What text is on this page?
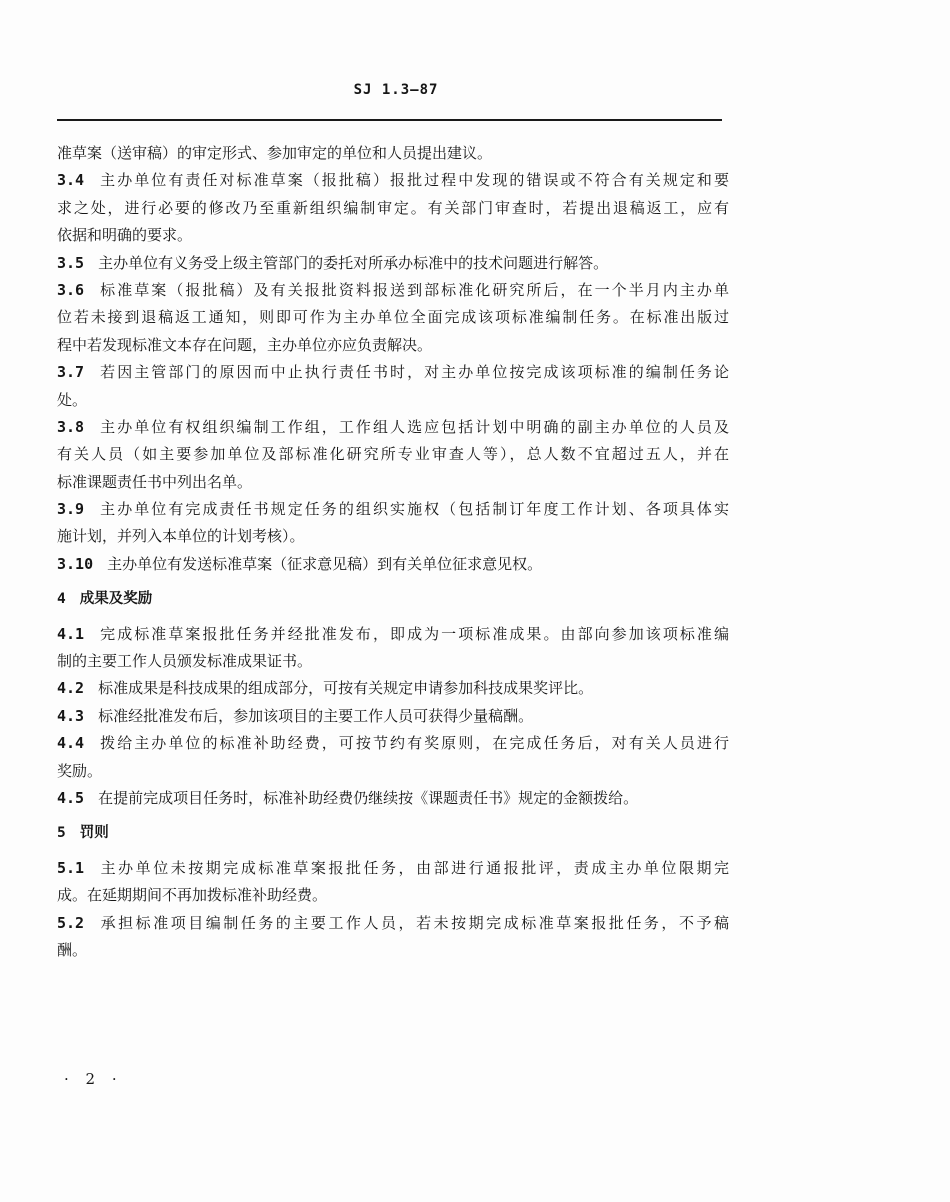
SJ 1.3—87
准草案（送审稿）的审定形式、参加审定的单位和人员提出建议。
3.4 主办单位有责任对标准草案（报批稿）报批过程中发现的错误或不符合有关规定和要
求之处，进行必要的修改乃至重新组织编制审定。有关部门审查时，若提出退稿返工，应有
依据和明确的要求。
3.5 主办单位有义务受上级主管部门的委托对所承办标准中的技术问题进行解答。
3.6 标准草案（报批稿）及有关报批资料报送到部标准化研究所后，在一个半月内主办单
位若未接到退稿返工通知，则即可作为主办单位全面完成该项标准编制任务。在标准出版过
程中若发现标准文本存在问题，主办单位亦应负责解决。
3.7 若因主管部门的原因而中止执行责任书时，对主办单位按完成该项标准的编制任务论
处。
3.8 主办单位有权组织编制工作组，工作组人选应包括计划中明确的副主办单位的人员及
有关人员（如主要参加单位及部标准化研究所专业审查人等），总人数不宜超过五人，并在
标准课题责任书中列出名单。
3.9 主办单位有完成责任书规定任务的组织实施权（包括制订年度工作计划、各项具体实
施计划，并列入本单位的计划考核）。
3.10 主办单位有发送标准草案（征求意见稿）到有关单位征求意见权。
4 成果及奖励
4.1 完成标准草案报批任务并经批准发布，即成为一项标准成果。由部向参加该项标准编
制的主要工作人员颁发标准成果证书。
4.2 标准成果是科技成果的组成部分，可按有关规定申请参加科技成果奖评比。
4.3 标准经批准发布后，参加该项目的主要工作人员可获得少量稿酬。
4.4 拨给主办单位的标准补助经费，可按节约有奖原则，在完成任务后，对有关人员进行
奖励。
4.5 在提前完成项目任务时，标准补助经费仍继续按《课题责任书》规定的金额拨给。
5 罚则
5.1 主办单位未按期完成标准草案报批任务，由部进行通报批评，责成主办单位限期完
成。在延期期间不再加拨标准补助经费。
5.2 承担标准项目编制任务的主要工作人员，若未按期完成标准草案报批任务，不予稿
酬。
· 2 ·
